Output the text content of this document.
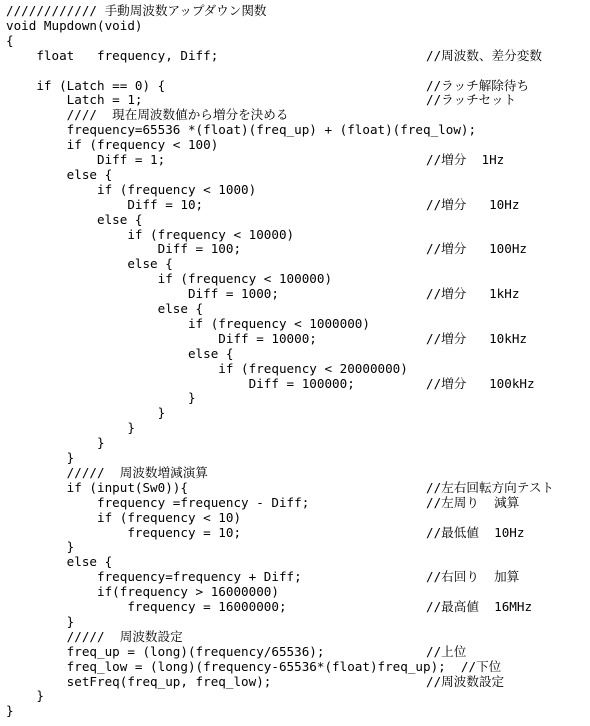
//////////// 手動周波数アップダウン関数
void Mupdown(void)
{
float   frequency, Diff;	//周波数、差分変数
if (Latch == 0) {	//ラッチ解除待ち
Latch = 1;	//ラッチセット
////  現在周波数値から増分を決める
frequency=65536 *(float)(freq_up) + (float)(freq_low);
if (frequency < 100)
Diff = 1;	//増分  1Hz
else {
if (frequency < 1000)
Diff = 10;	//増分   10Hz
else {
if (frequency < 10000)
Diff = 100;	//増分   100Hz
else {
if (frequency < 100000)
Diff = 1000;	//増分   1kHz
else {
if (frequency < 1000000)
Diff = 10000;	//増分   10kHz
else {
if (frequency < 20000000)
Diff = 100000;	//増分   100kHz
}
}
}
}
}
/////  周波数増減演算
if (input(Sw0)){	//左右回転方向テスト
frequency =frequency - Diff;	//左周り  減算
if (frequency < 10)
frequency = 10;	//最低値  10Hz
}
else {
frequency=frequency + Diff;	//右回り  加算
if(frequency > 16000000)
frequency = 16000000;	//最高値  16MHz
}
/////  周波数設定
freq_up = (long)(frequency/65536);	//上位
freq_low = (long)(frequency-65536*(float)freq_up);  //下位
setFreq(freq_up, freq_low);	//周波数設定
}
}
